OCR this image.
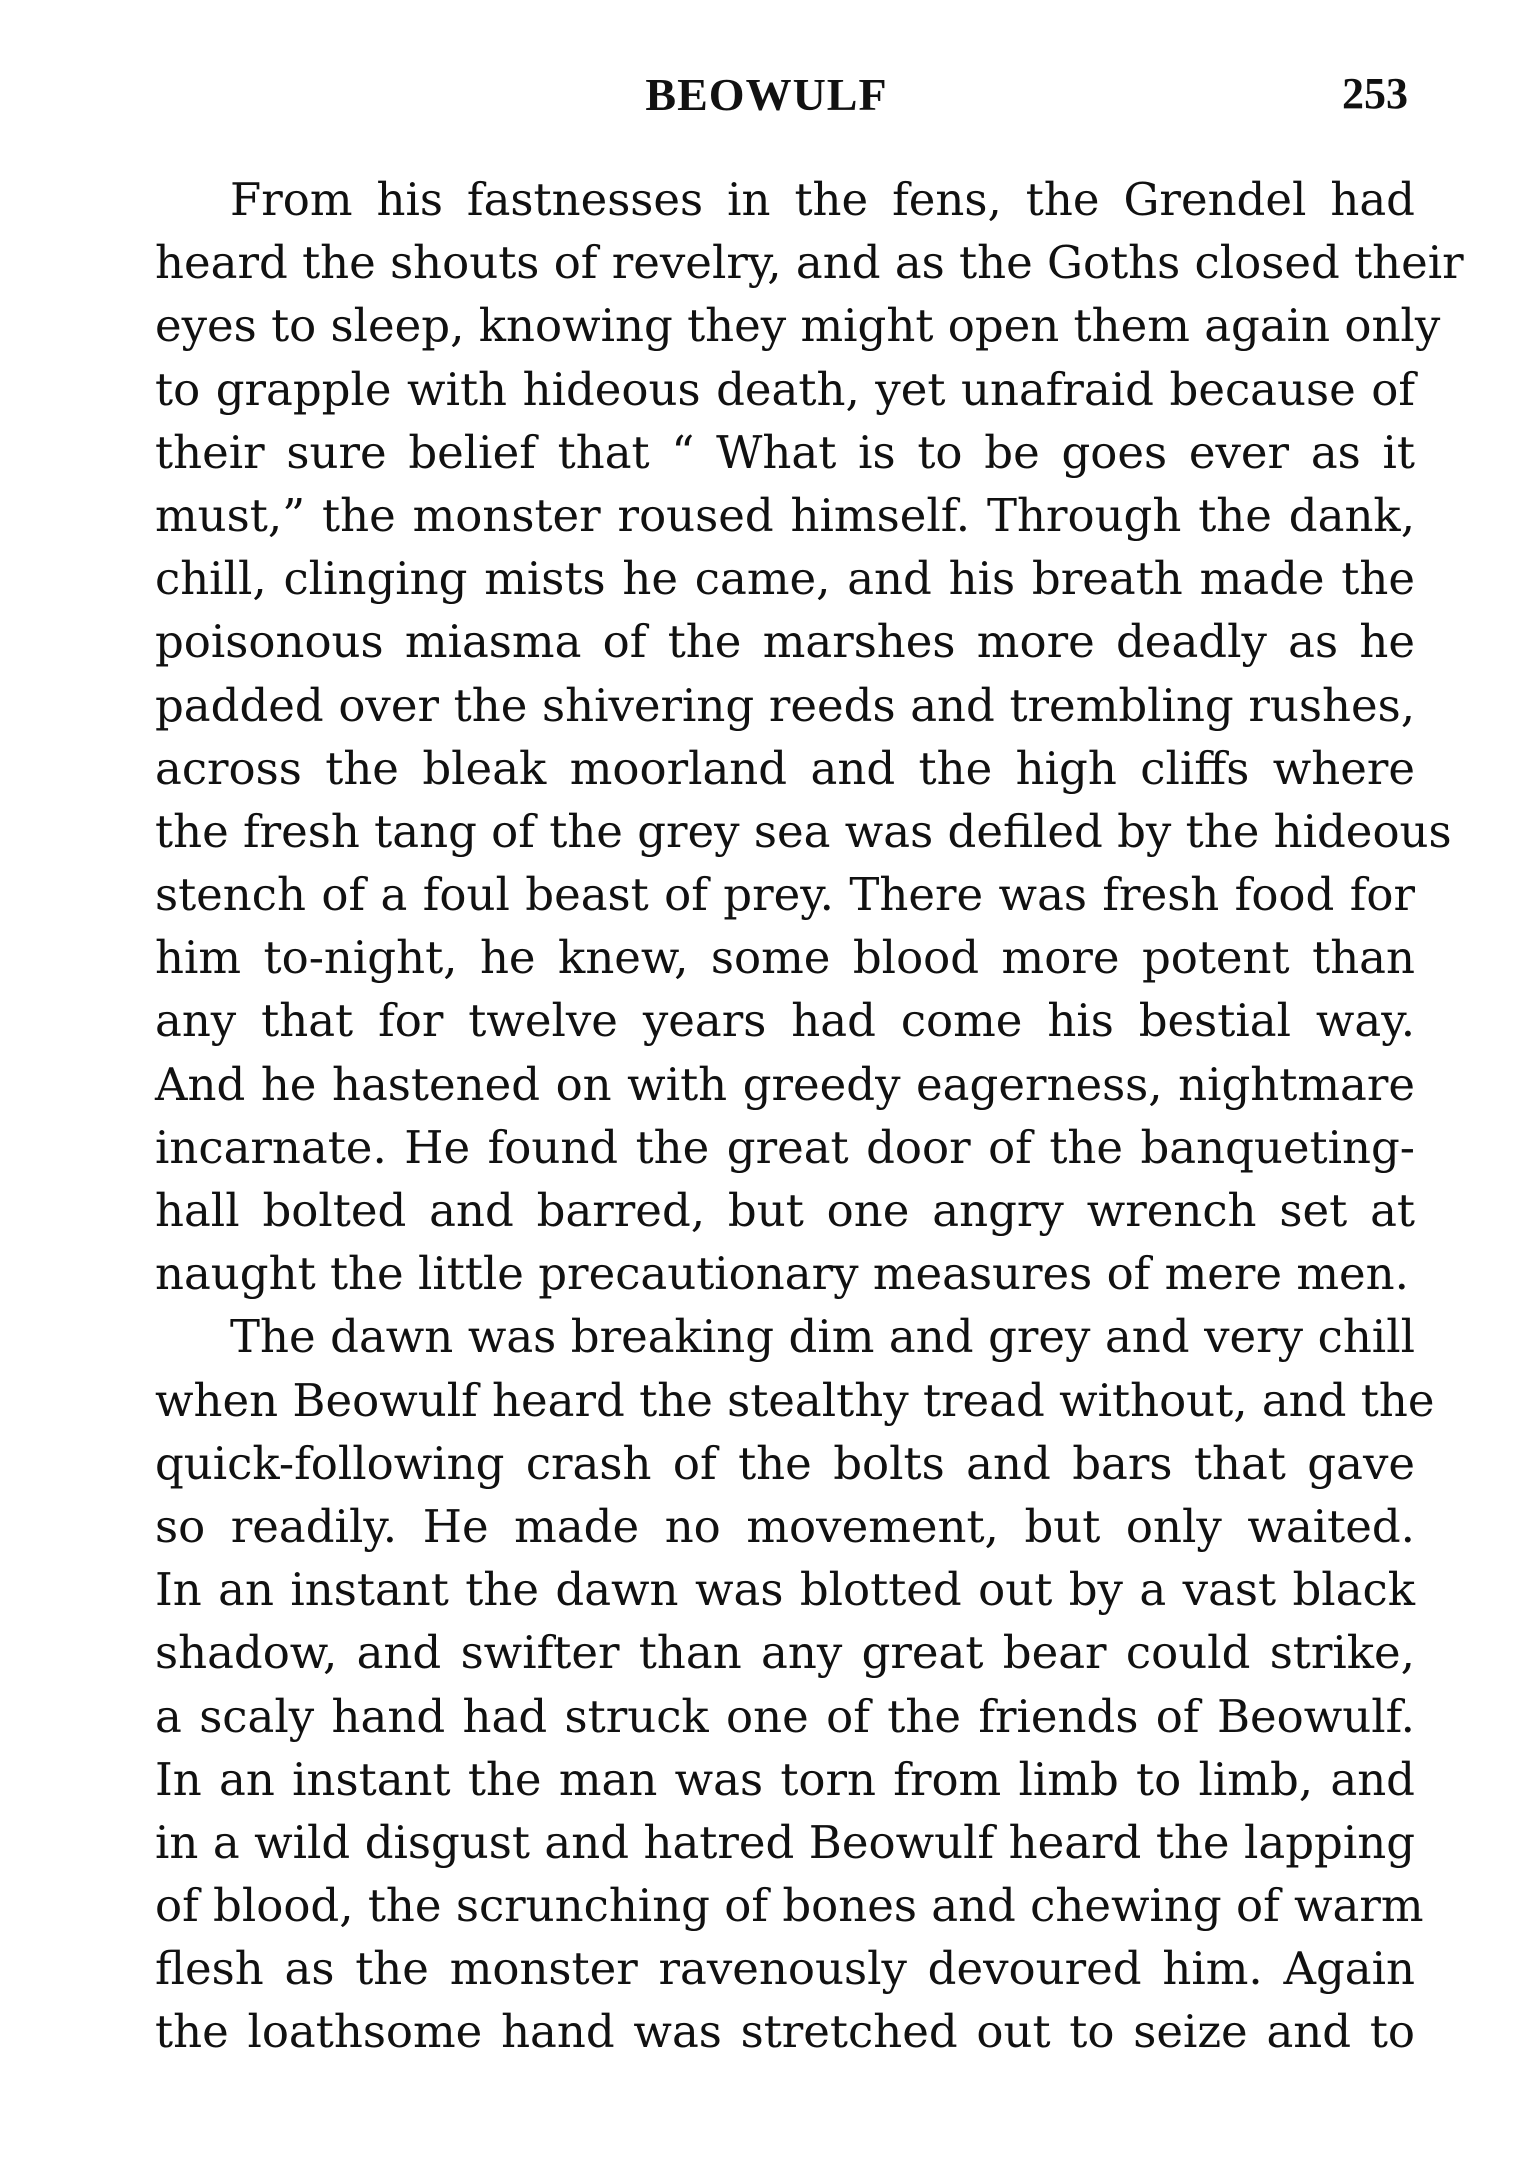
BEOWULF	253
From his fastnesses in the fens, the Grendel had
heard the shouts of revelry, and as the Goths closed their
eyes to sleep, knowing they might open them again only
to grapple with hideous death, yet unafraid because of
their sure belief that “ What is to be goes ever as it
must,” the monster roused himself. Through the dank,
chill, clinging mists he came, and his breath made the
poisonous miasma of the marshes more deadly as he
padded over the shivering reeds and trembling rushes,
across the bleak moorland and the high cliffs where
the fresh tang of the grey sea was defiled by the hideous
stench of a foul beast of prey. There was fresh food for
him to-night, he knew, some blood more potent than
any that for twelve years had come his bestial way.
And he hastened on with greedy eagerness, nightmare
incarnate. He found the great door of the banqueting-
hall bolted and barred, but one angry wrench set at
naught the little precautionary measures of mere men.
The dawn was breaking dim and grey and very chill
when Beowulf heard the stealthy tread without, and the
quick-following crash of the bolts and bars that gave
so readily. He made no movement, but only waited.
In an instant the dawn was blotted out by a vast black
shadow, and swifter than any great bear could strike,
a scaly hand had struck one of the friends of Beowulf.
In an instant the man was torn from limb to limb, and
in a wild disgust and hatred Beowulf heard the lapping
of blood, the scrunching of bones and chewing of warm
flesh as the monster ravenously devoured him. Again
the loathsome hand was stretched out to seize and to
